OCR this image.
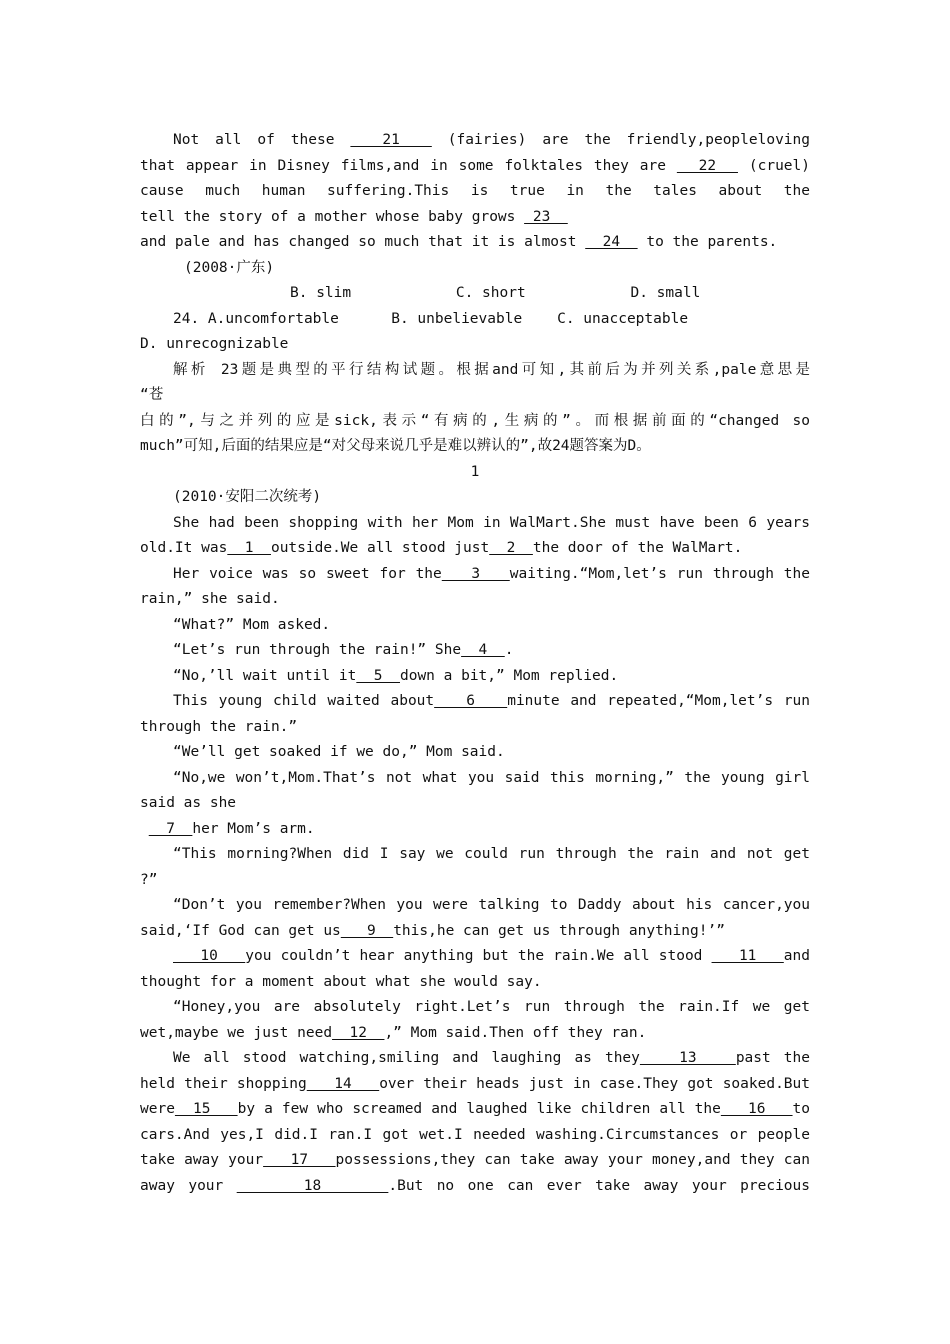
Not all of these   21   (fairies) are the friendly,peopleloving
that appear in Disney films,and in some folktales they are   22   (cruel)
cause much human suffering.This is true in the tales about the
tell the story of a mother whose baby grows  23
and pale and has changed so much that it is almost   24   to the parents.
(2008·广东)
B. slim            C. short            D. small
24. A.uncomfortable      B. unbelievable    C. unacceptable
D. unrecognizable
解析 23题是典型的平行结构试题。根据and可知,其前后为并列关系,pale意思是
“苍
白的”,与之并列的应是sick,表示“有病的,生病的”。而根据前面的“changed so
much”可知,后面的结果应是“对父母来说几乎是难以辨认的”,故24题答案为D。
1
(2010·安阳二次统考)
She had been shopping with her Mom in WalMart.She must have been 6 years
old.It was  1  outside.We all stood just  2  the door of the WalMart.
Her voice was so sweet for the   3   waiting.“Mom,let’s run through the
rain,” she said.
“What?” Mom asked.
“Let’s run through the rain!” She  4  .
“No,’ll wait until it  5  down a bit,” Mom replied.
This young child waited about   6   minute and repeated,“Mom,let’s run
through the rain.”
“We’ll get soaked if we do,” Mom said.
“No,we won’t,Mom.That’s not what you said this morning,” the young girl
said as she
7  her Mom’s arm.
“This morning?When did I say we could run through the rain and not get
?”
“Don’t you remember?When you were talking to Daddy about his cancer,you
said,‘If God can get us   9  this,he can get us through anything!’”
10   you couldn’t hear anything but the rain.We all stood    11   and
thought for a moment about what she would say.
“Honey,you are absolutely right.Let’s run through the rain.If we get
wet,maybe we just need  12  ,” Mom said.Then off they ran.
We all stood watching,smiling and laughing as they   13   past the
held their shopping   14   over their heads just in case.They got soaked.But
were  15   by a few who screamed and laughed like children all the   16   to
cars.And yes,I did.I ran.I got wet.I needed washing.Circumstances or people
take away your   17   possessions,they can take away your money,and they can
away your      18     .But no one can ever take away your precious
